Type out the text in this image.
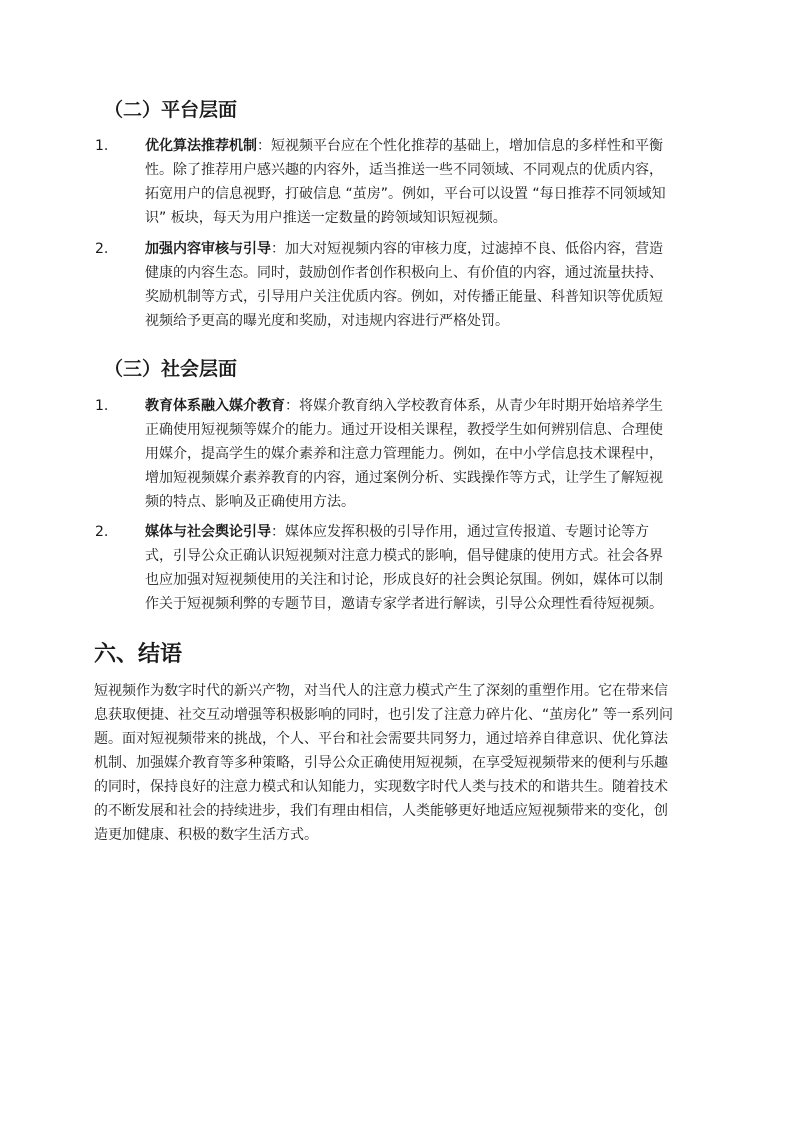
（二）平台层面
1.	优化算法推荐机制：短视频平台应在个性化推荐的基础上，增加信息的多样性和平衡
性。除了推荐用户感兴趣的内容外，适当推送一些不同领域、不同观点的优质内容，
拓宽用户的信息视野，打破信息 “茧房”。例如，平台可以设置 “每日推荐不同领域知
识” 板块，每天为用户推送一定数量的跨领域知识短视频。
2.	加强内容审核与引导：加大对短视频内容的审核力度，过滤掉不良、低俗内容，营造
健康的内容生态。同时，鼓励创作者创作积极向上、有价值的内容，通过流量扶持、
奖励机制等方式，引导用户关注优质内容。例如，对传播正能量、科普知识等优质短
视频给予更高的曝光度和奖励，对违规内容进行严格处罚。
（三）社会层面
1.	教育体系融入媒介教育：将媒介教育纳入学校教育体系，从青少年时期开始培养学生
正确使用短视频等媒介的能力。通过开设相关课程，教授学生如何辨别信息、合理使
用媒介，提高学生的媒介素养和注意力管理能力。例如，在中小学信息技术课程中，
增加短视频媒介素养教育的内容，通过案例分析、实践操作等方式，让学生了解短视
频的特点、影响及正确使用方法。
2.	媒体与社会舆论引导：媒体应发挥积极的引导作用，通过宣传报道、专题讨论等方
式，引导公众正确认识短视频对注意力模式的影响，倡导健康的使用方式。社会各界
也应加强对短视频使用的关注和讨论，形成良好的社会舆论氛围。例如，媒体可以制
作关于短视频利弊的专题节目，邀请专家学者进行解读，引导公众理性看待短视频。
六、结语
短视频作为数字时代的新兴产物，对当代人的注意力模式产生了深刻的重塑作用。它在带来信
息获取便捷、社交互动增强等积极影响的同时，也引发了注意力碎片化、“茧房化” 等一系列问
题。面对短视频带来的挑战，个人、平台和社会需要共同努力，通过培养自律意识、优化算法
机制、加强媒介教育等多种策略，引导公众正确使用短视频，在享受短视频带来的便利与乐趣
的同时，保持良好的注意力模式和认知能力，实现数字时代人类与技术的和谐共生。随着技术
的不断发展和社会的持续进步，我们有理由相信，人类能够更好地适应短视频带来的变化，创
造更加健康、积极的数字生活方式。
